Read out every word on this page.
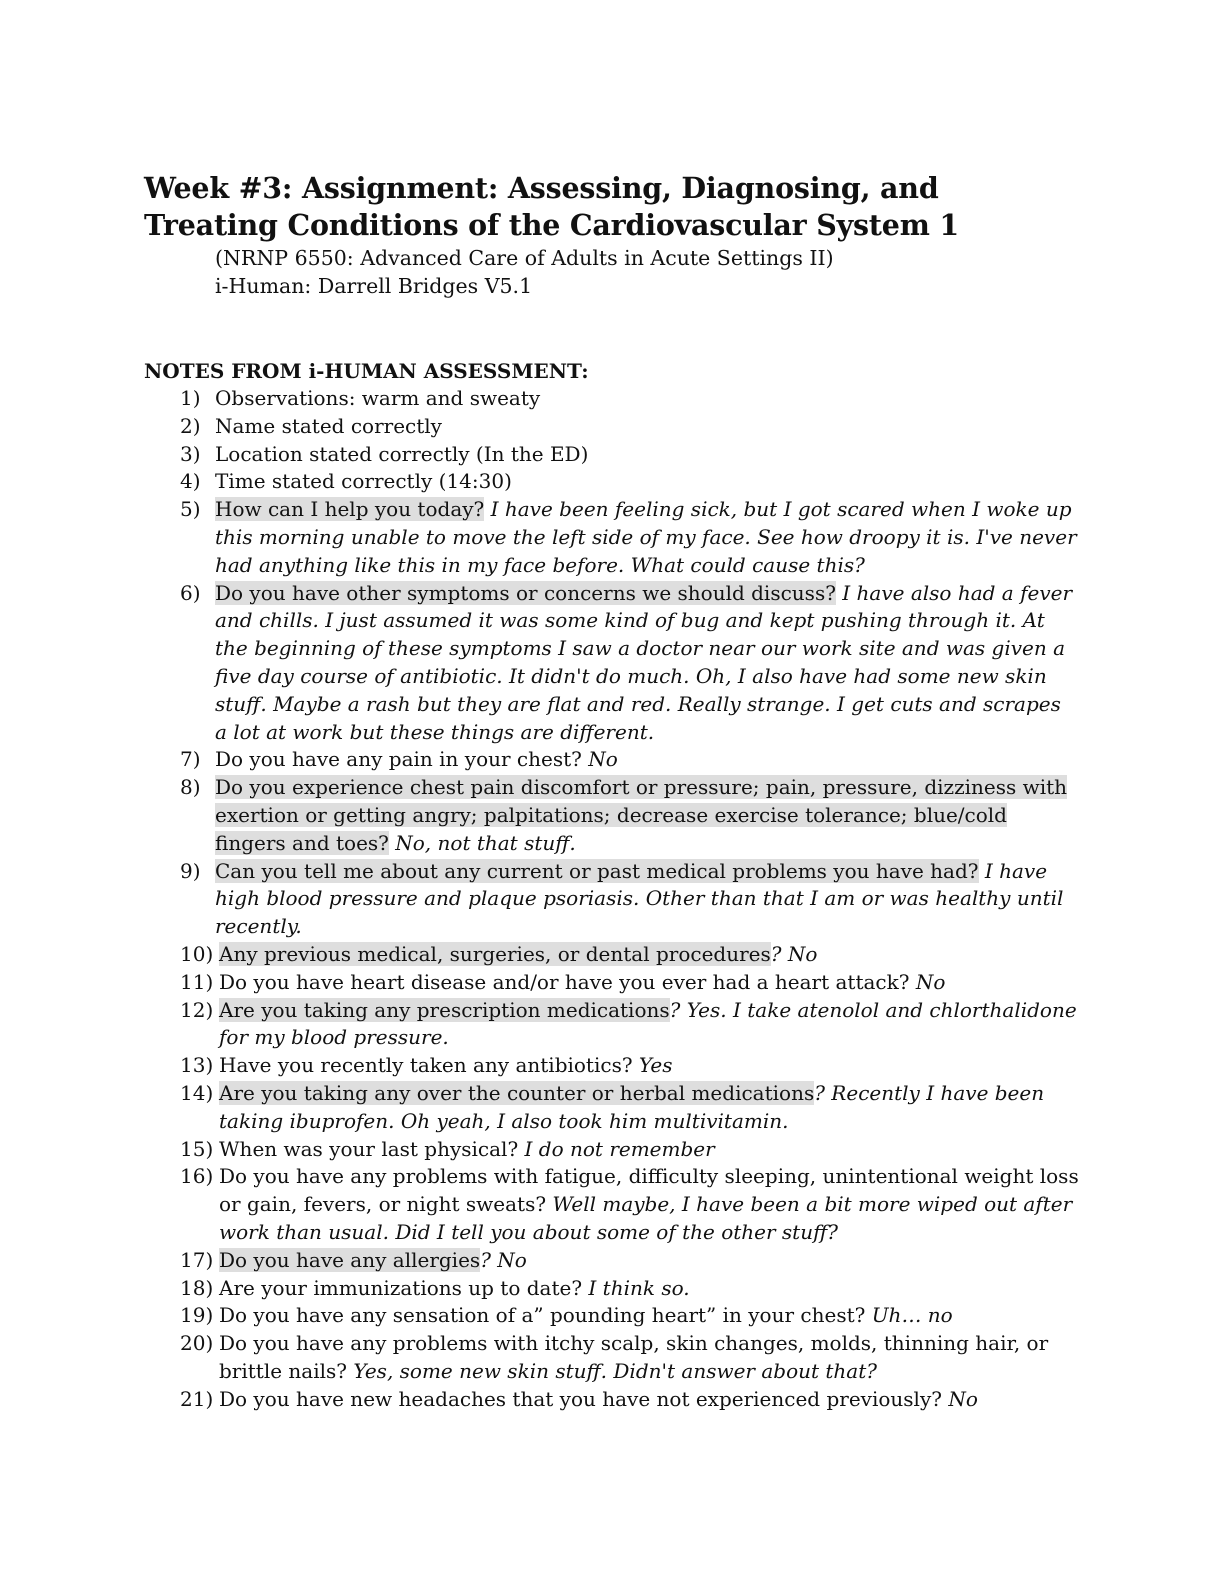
Week #3: Assignment: Assessing, Diagnosing, and Treating Conditions of the Cardiovascular System 1
(NRNP 6550: Advanced Care of Adults in Acute Settings II)
i-Human: Darrell Bridges V5.1
NOTES FROM i-HUMAN ASSESSMENT:
1) Observations: warm and sweaty
2) Name stated correctly
3) Location stated correctly (In the ED)
4) Time stated correctly (14:30)
5) How can I help you today? I have been feeling sick, but I got scared when I woke up this morning unable to move the left side of my face. See how droopy it is. I've never had anything like this in my face before. What could cause this?
6) Do you have other symptoms or concerns we should discuss? I have also had a fever and chills. I just assumed it was some kind of bug and kept pushing through it. At the beginning of these symptoms I saw a doctor near our work site and was given a five day course of antibiotic. It didn't do much. Oh, I also have had some new skin stuff. Maybe a rash but they are flat and red. Really strange. I get cuts and scrapes a lot at work but these things are different.
7) Do you have any pain in your chest? No
8) Do you experience chest pain discomfort or pressure; pain, pressure, dizziness with exertion or getting angry; palpitations; decrease exercise tolerance; blue/cold fingers and toes? No, not that stuff.
9) Can you tell me about any current or past medical problems you have had? I have high blood pressure and plaque psoriasis. Other than that I am or was healthy until recently.
10) Any previous medical, surgeries, or dental procedures? No
11) Do you have heart disease and/or have you ever had a heart attack? No
12) Are you taking any prescription medications? Yes. I take atenolol and chlorthalidone for my blood pressure.
13) Have you recently taken any antibiotics? Yes
14) Are you taking any over the counter or herbal medications? Recently I have been taking ibuprofen. Oh yeah, I also took him multivitamin.
15) When was your last physical? I do not remember
16) Do you have any problems with fatigue, difficulty sleeping, unintentional weight loss or gain, fevers, or night sweats? Well maybe, I have been a bit more wiped out after work than usual. Did I tell you about some of the other stuff?
17) Do you have any allergies? No
18) Are your immunizations up to date? I think so.
19) Do you have any sensation of a” pounding heart” in your chest? Uh… no
20) Do you have any problems with itchy scalp, skin changes, molds, thinning hair, or brittle nails? Yes, some new skin stuff. Didn't answer about that?
21) Do you have new headaches that you have not experienced previously? No
